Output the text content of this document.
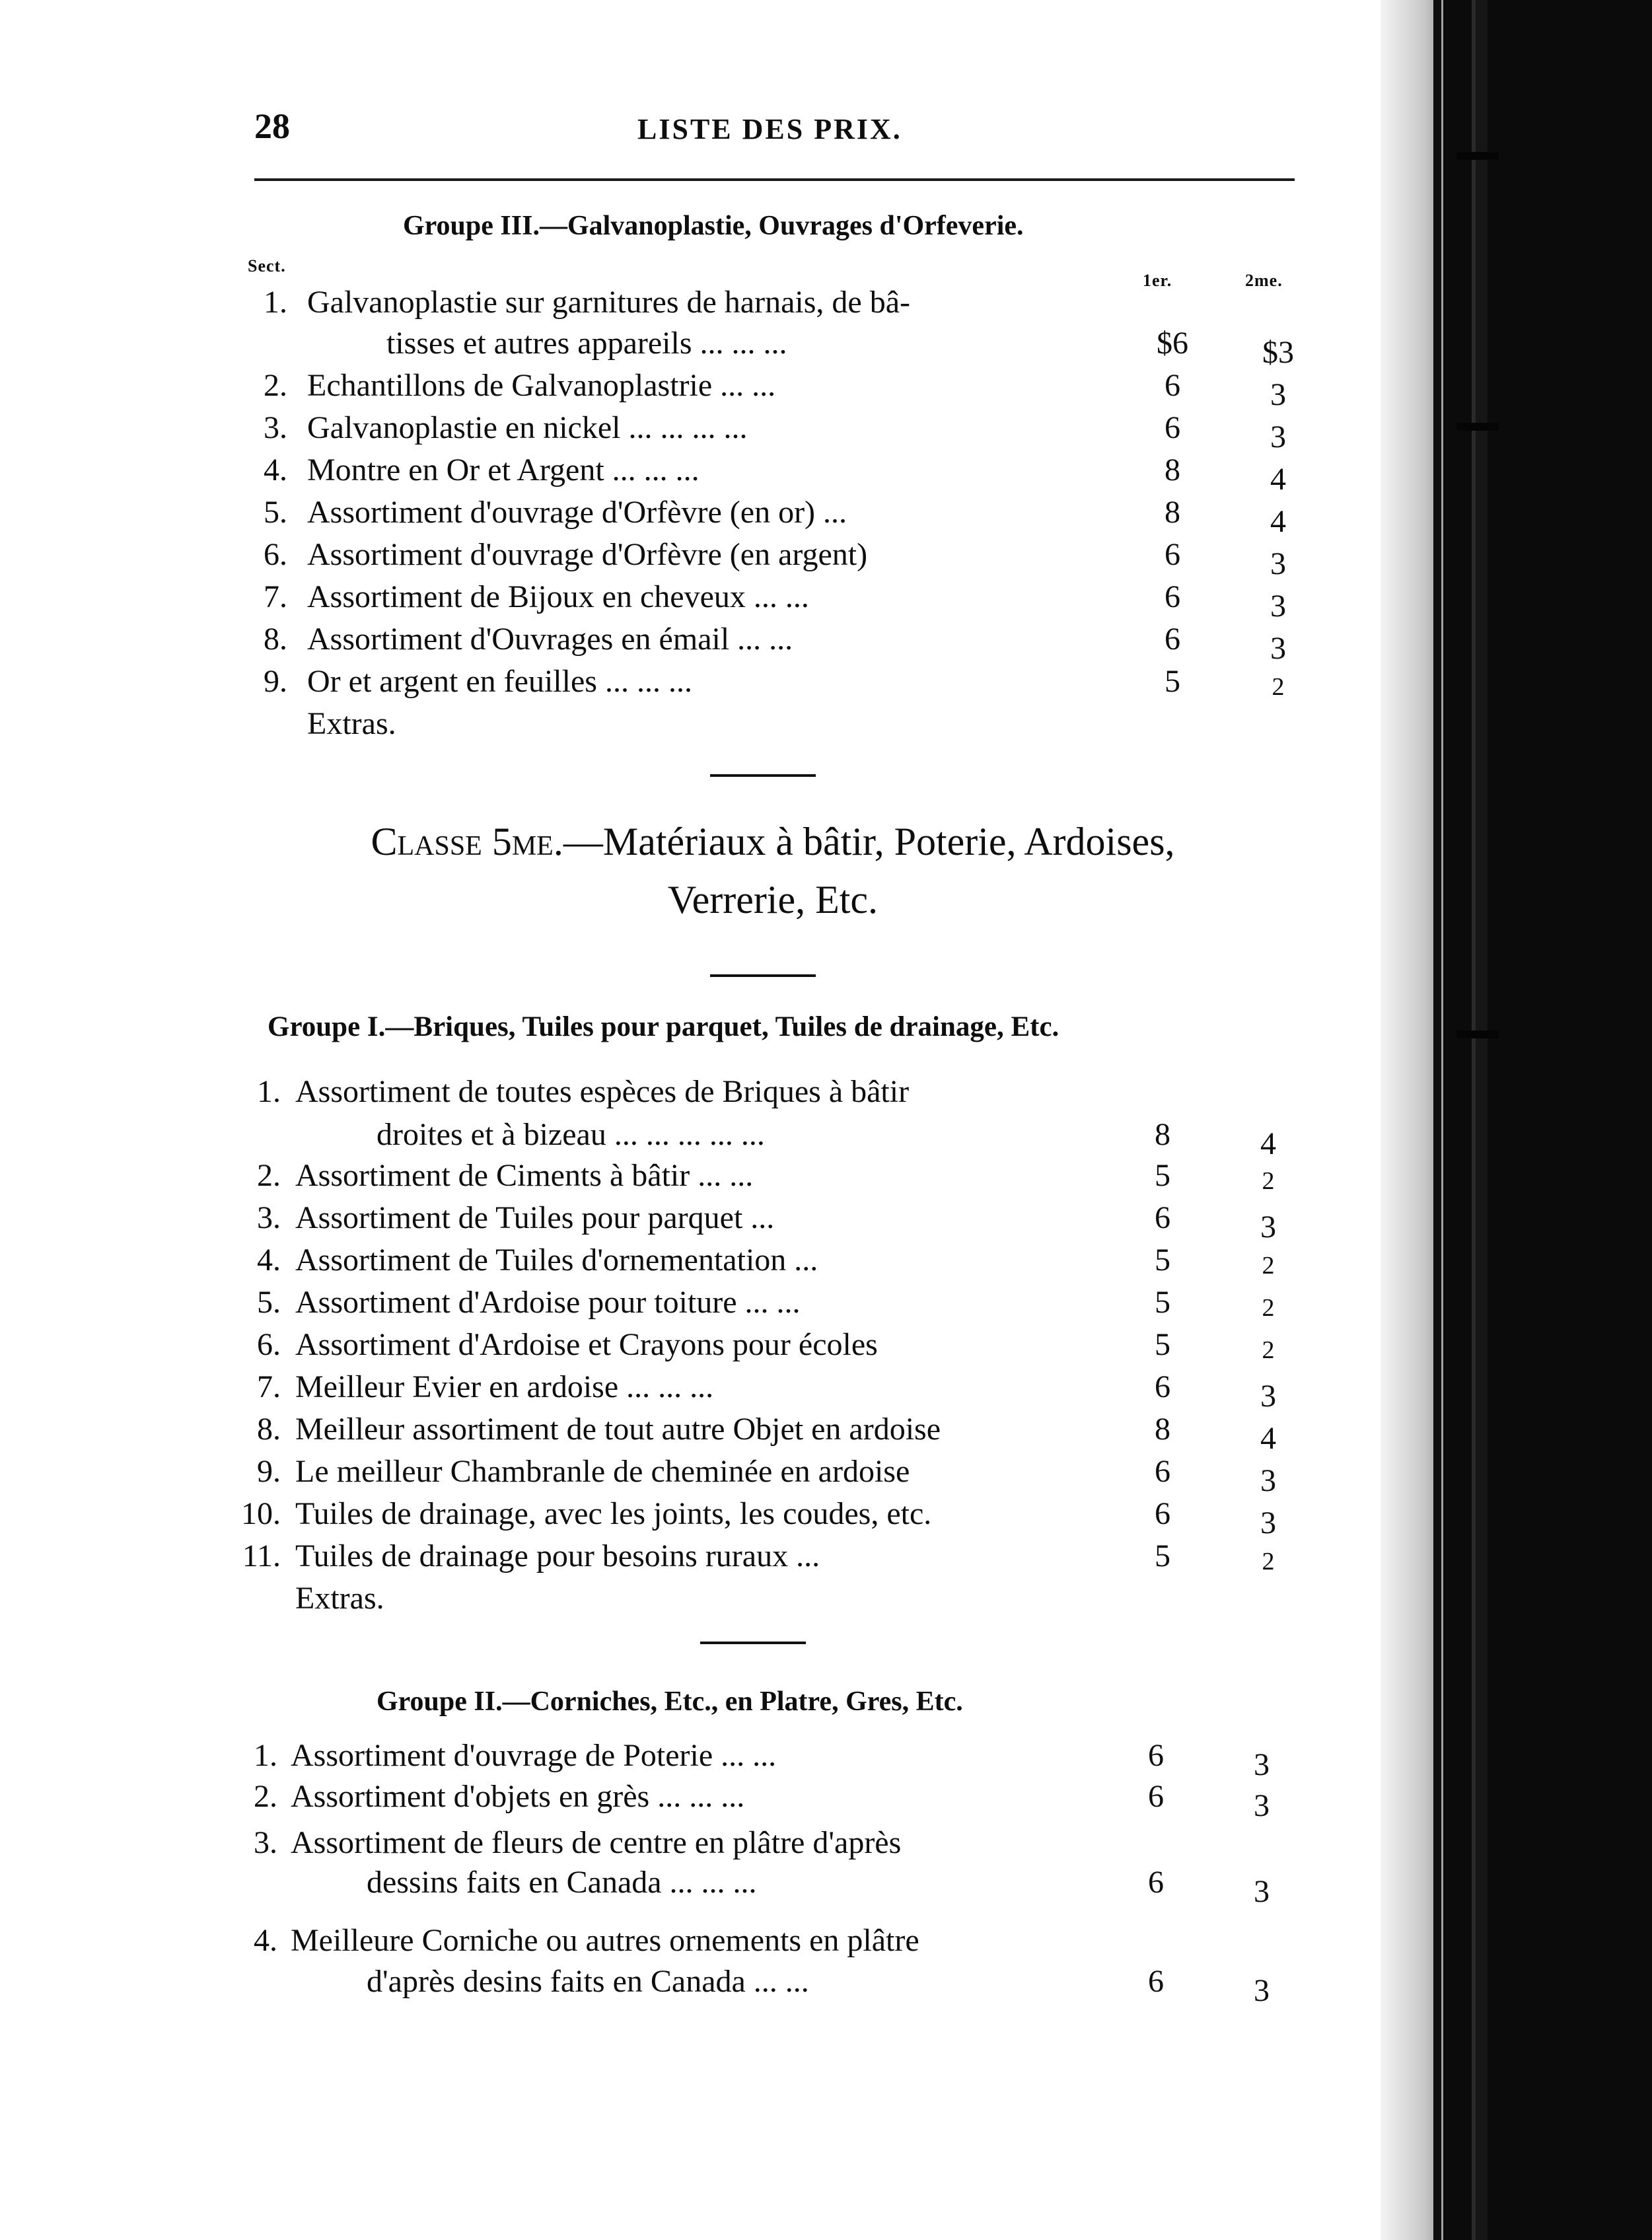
28	LISTE DES PRIX.
Groupe III.—Galvanoplastie, Ouvrages d'Orfeverie.
Sect.
1er.	2me.
1. Galvanoplastie sur garnitures de harnais, de bâ-
tisses et autres appareils ... ... ...	$6	$3
2. Echantillons de Galvanoplastrie ... ...	6	3
3. Galvanoplastie en nickel ... ... ... ...	6	3
4. Montre en Or et Argent ... ... ...	8	4
5. Assortiment d'ouvrage d'Orfèvre (en or) ...	8	4
6. Assortiment d'ouvrage d'Orfèvre (en argent)	6	3
7. Assortiment de Bijoux en cheveux ... ...	6	3
8. Assortiment d'Ouvrages en émail ... ...	6	3
9. Or et argent en feuilles ... ... ...	5	2
Extras.
Classe 5me.—Matériaux à bâtir, Poterie, Ardoises,
Verrerie, Etc.
Groupe I.—Briques, Tuiles pour parquet, Tuiles de drainage, Etc.
1. Assortiment de toutes espèces de Briques à bâtir
droites et à bizeau ... ... ... ... ...	8	4
2. Assortiment de Ciments à bâtir ... ...	5	2
3. Assortiment de Tuiles pour parquet ...	6	3
4. Assortiment de Tuiles d'ornementation ...	5	2
5. Assortiment d'Ardoise pour toiture ... ...	5	2
6. Assortiment d'Ardoise et Crayons pour écoles	5	2
7. Meilleur Evier en ardoise ... ... ...	6	3
8. Meilleur assortiment de tout autre Objet en ardoise	8	4
9. Le meilleur Chambranle de cheminée en ardoise	6	3
10. Tuiles de drainage, avec les joints, les coudes, etc.	6	3
11. Tuiles de drainage pour besoins ruraux ...	5	2
Extras.
Groupe II.—Corniches, Etc., en Platre, Gres, Etc.
1. Assortiment d'ouvrage de Poterie ... ...	6	3
2. Assortiment d'objets en grès ... ... ...	6	3
3. Assortiment de fleurs de centre en plâtre d'après
dessins faits en Canada ... ... ...	6	3
4. Meilleure Corniche ou autres ornements en plâtre
d'après desins faits en Canada ... ...	6	3
